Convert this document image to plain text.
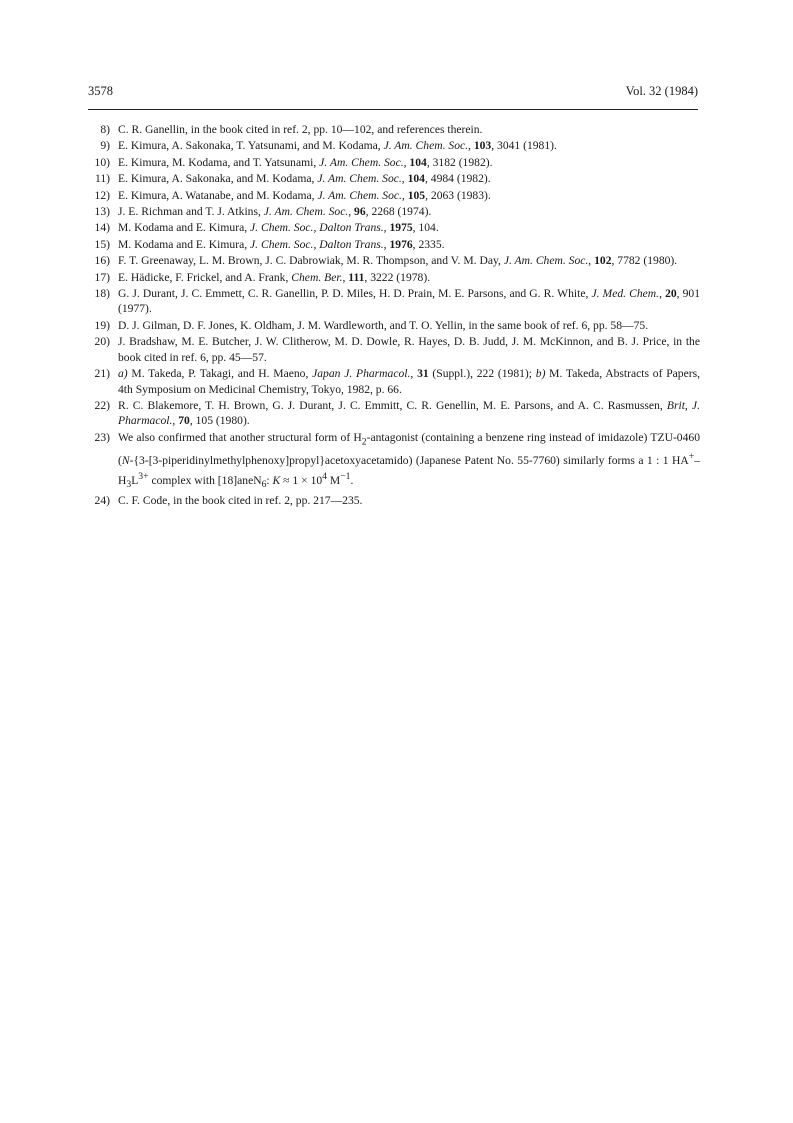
3578	Vol. 32 (1984)
8) C. R. Ganellin, in the book cited in ref. 2, pp. 10—102, and references therein.
9) E. Kimura, A. Sakonaka, T. Yatsunami, and M. Kodama, J. Am. Chem. Soc., 103, 3041 (1981).
10) E. Kimura, M. Kodama, and T. Yatsunami, J. Am. Chem. Soc., 104, 3182 (1982).
11) E. Kimura, A. Sakonaka, and M. Kodama, J. Am. Chem. Soc., 104, 4984 (1982).
12) E. Kimura, A. Watanabe, and M. Kodama, J. Am. Chem. Soc., 105, 2063 (1983).
13) J. E. Richman and T. J. Atkins, J. Am. Chem. Soc., 96, 2268 (1974).
14) M. Kodama and E. Kimura, J. Chem. Soc., Dalton Trans., 1975, 104.
15) M. Kodama and E. Kimura, J. Chem. Soc., Dalton Trans., 1976, 2335.
16) F. T. Greenaway, L. M. Brown, J. C. Dabrowiak, M. R. Thompson, and V. M. Day, J. Am. Chem. Soc., 102, 7782 (1980).
17) E. Hädicke, F. Frickel, and A. Frank, Chem. Ber., 111, 3222 (1978).
18) G. J. Durant, J. C. Emmett, C. R. Ganellin, P. D. Miles, H. D. Prain, M. E. Parsons, and G. R. White, J. Med. Chem., 20, 901 (1977).
19) D. J. Gilman, D. F. Jones, K. Oldham, J. M. Wardleworth, and T. O. Yellin, in the same book of ref. 6, pp. 58—75.
20) J. Bradshaw, M. E. Butcher, J. W. Clitherow, M. D. Dowle, R. Hayes, D. B. Judd, J. M. McKinnon, and B. J. Price, in the book cited in ref. 6, pp. 45—57.
21) a) M. Takeda, P. Takagi, and H. Maeno, Japan J. Pharmacol., 31 (Suppl.), 222 (1981); b) M. Takeda, Abstracts of Papers, 4th Symposium on Medicinal Chemistry, Tokyo, 1982, p. 66.
22) R. C. Blakemore, T. H. Brown, G. J. Durant, J. C. Emmitt, C. R. Genellin, M. E. Parsons, and A. C. Rasmussen, Brit, J. Pharmacol., 70, 105 (1980).
23) We also confirmed that another structural form of $H_2$-antagonist (containing a benzene ring instead of imidazole) TZU-0460 (N-{3-[3-piperidinylmethylphenoxy]propyl}acetoxyacetamido) (Japanese Patent No. 55-7760) similarly forms a 1 : 1 $HA^+-H_3L^{3+}$ complex with [18]aneN$_6$: $K \approx 1 \times 10^4$ $M^{-1}$.
24) C. F. Code, in the book cited in ref. 2, pp. 217—235.
